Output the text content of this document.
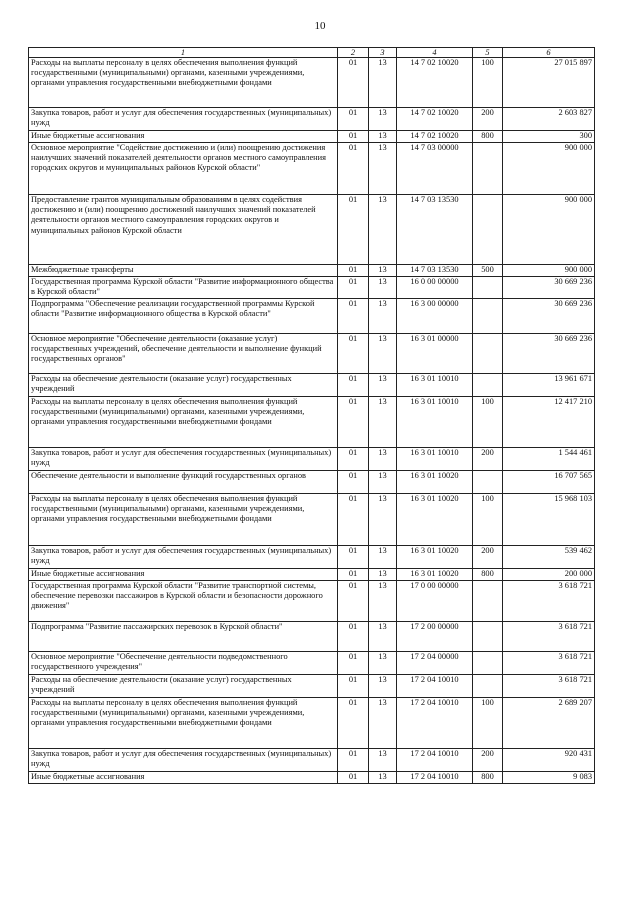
10
1	2	3	4	5	6
Расходы на выплаты персоналу в целях обеспечения выполнения функций государственными (муниципальными) органами, казенными учреждениями, органами управления государственными внебюджетными фондами	01	13	14 7 02 10020	100	27 015 897
Закупка товаров, работ и услуг для обеспечения государственных (муниципальных) нужд	01	13	14 7 02 10020	200	2 603 827
Иные бюджетные ассигнования	01	13	14 7 02 10020	800	300
Основное мероприятие "Содействие достижению и (или) поощрению достижения наилучших значений показателей деятельности органов местного самоуправления городских округов и муниципальных районов Курской области"	01	13	14 7 03 00000		900 000
Предоставление грантов муниципальным образованиям в целях содействия достижению и (или) поощрению достижений наилучших значений показателей деятельности органов местного самоуправления городских округов и муниципальных районов Курской области	01	13	14 7 03 13530		900 000
Межбюджетные трансферты	01	13	14 7 03 13530	500	900 000
Государственная программа Курской области "Развитие информационного общества в Курской области"	01	13	16 0 00 00000		30 669 236
Подпрограмма "Обеспечение реализации государственной программы Курской области "Развитие информационного общества в Курской области"	01	13	16 3 00 00000		30 669 236
Основное мероприятие "Обеспечение деятельности (оказание услуг) государственных учреждений, обеспечение деятельности и выполнение функций государственных органов"	01	13	16 3 01 00000		30 669 236
Расходы на обеспечение деятельности (оказание услуг) государственных учреждений	01	13	16 3 01 10010		13 961 671
Расходы на выплаты персоналу в целях обеспечения выполнения функций государственными (муниципальными) органами, казенными учреждениями, органами управления государственными внебюджетными фондами	01	13	16 3 01 10010	100	12 417 210
Закупка товаров, работ и услуг для обеспечения государственных (муниципальных) нужд	01	13	16 3 01 10010	200	1 544 461
Обеспечение деятельности и выполнение функций государственных органов	01	13	16 3 01 10020		16 707 565
Расходы на выплаты персоналу в целях обеспечения выполнения функций государственными (муниципальными) органами, казенными учреждениями, органами управления государственными внебюджетными фондами	01	13	16 3 01 10020	100	15 968 103
Закупка товаров, работ и услуг для обеспечения государственных (муниципальных) нужд	01	13	16 3 01 10020	200	539 462
Иные бюджетные ассигнования	01	13	16 3 01 10020	800	200 000
Государственная программа Курской области "Развитие транспортной системы, обеспечение перевозки пассажиров в Курской области и безопасности дорожного движения"	01	13	17 0 00 00000		3 618 721
Подпрограмма "Развитие пассажирских перевозок в Курской области"	01	13	17 2 00 00000		3 618 721
Основное мероприятие "Обеспечение деятельности подведомственного государственного учреждения"	01	13	17 2 04 00000		3 618 721
Расходы на обеспечение деятельности (оказание услуг) государственных учреждений	01	13	17 2 04 10010		3 618 721
Расходы на выплаты персоналу в целях обеспечения выполнения функций государственными (муниципальными) органами, казенными учреждениями, органами управления государственными внебюджетными фондами	01	13	17 2 04 10010	100	2 689 207
Закупка товаров, работ и услуг для обеспечения государственных (муниципальных) нужд	01	13	17 2 04 10010	200	920 431
Иные бюджетные ассигнования	01	13	17 2 04 10010	800	9 083
